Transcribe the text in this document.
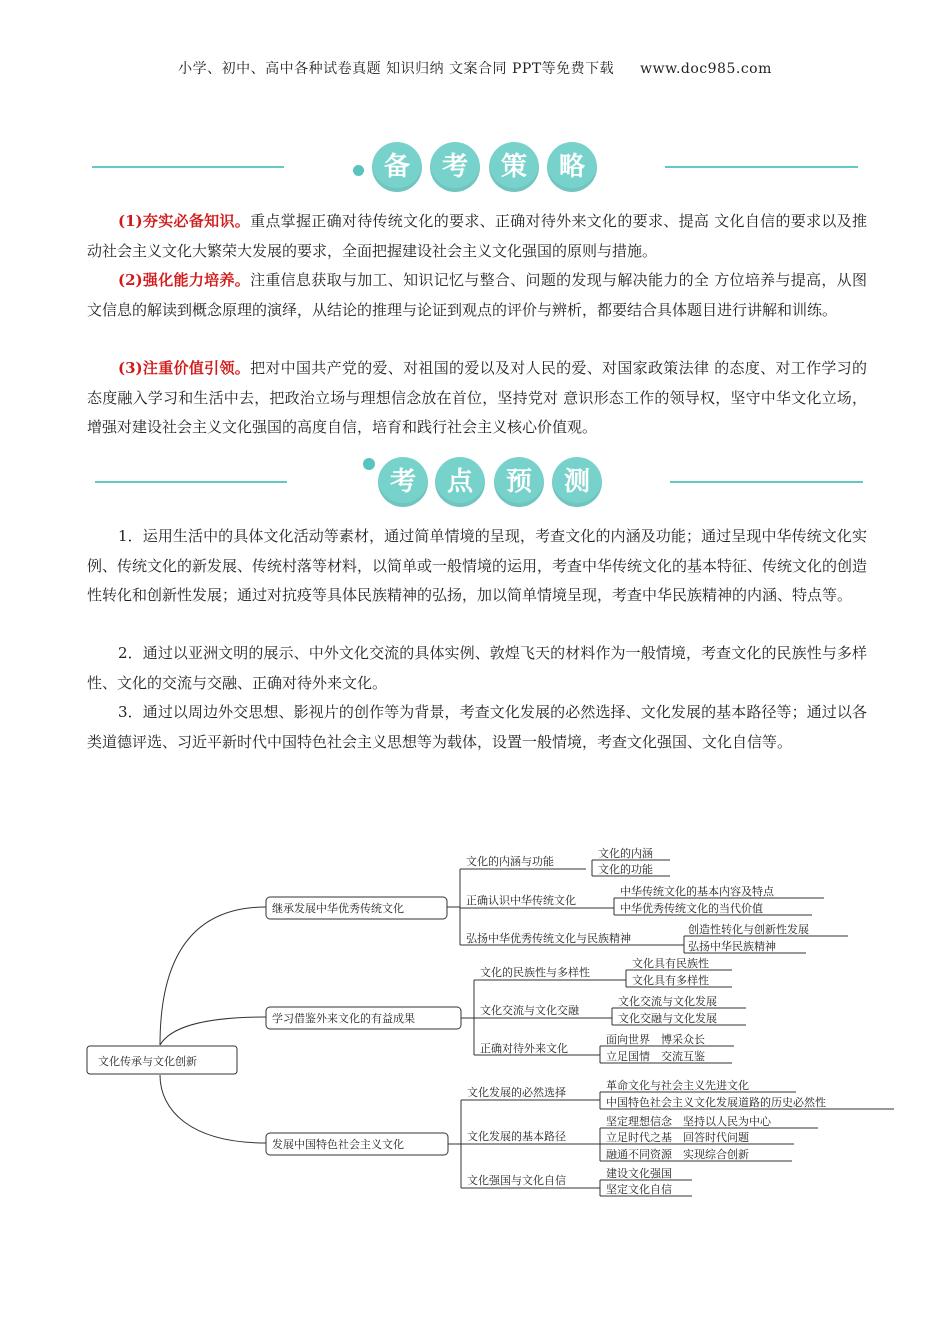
小学、初中、高中各种试卷真题 知识归纳 文案合同 PPT等免费下载 www.doc985.com
备	考	策	略

(1)夯实必备知识。重点掌握正确对待传统文化的要求、正确对待外来文化的要求、提高 文化自信的要求以及推动社会主义文化大繁荣大发展的要求，全面把握建设社会主义文化强国的原则与措施。

(2)强化能力培养。注重信息获取与加工、知识记忆与整合、问题的发现与解决能力的全 方位培养与提高，从图文信息的解读到概念原理的演绎，从结论的推理与论证到观点的评价与辨析，都要结合具体题目进行讲解和训练。

(3)注重价值引领。把对中国共产党的爱、对祖国的爱以及对人民的爱、对国家政策法律 的态度、对工作学习的态度融入学习和生活中去，把政治立场与理想信念放在首位，坚持党对 意识形态工作的领导权，坚守中华文化立场，增强对建设社会主义文化强国的高度自信，培育和践行社会主义核心价值观。

考	点	预	测

1．运用生活中的具体文化活动等素材，通过简单情境的呈现，考查文化的内涵及功能；通过呈现中华传统文化实例、传统文化的新发展、传统村落等材料，以简单或一般情境的运用，考查中华传统文化的基本特征、传统文化的创造性转化和创新性发展；通过对抗疫等具体民族精神的弘扬，加以简单情境呈现，考查中华民族精神的内涵、特点等。

2．通过以亚洲文明的展示、中外文化交流的具体实例、敦煌飞天的材料作为一般情境，考查文化的民族性与多样性、文化的交流与交融、正确对待外来文化。

3．通过以周边外交思想、影视片的创作等为背景，考查文化发展的必然选择、文化发展的基本路径等；通过以各类道德评选、习近平新时代中国特色社会主义思想等为载体，设置一般情境，考查文化强国、文化自信等。

文化传承与文化创新
继承发展中华优秀传统文化
文化的内涵与功能
正确认识中华传统文化
弘扬中华优秀传统文化与民族精神
文化的内涵
文化的功能
中华传统文化的基本内容及特点
中华优秀传统文化的当代价值
创造性转化与创新性发展
弘扬中华民族精神
学习借鉴外来文化的有益成果
文化的民族性与多样性
文化交流与文化交融
正确对待外来文化
文化具有民族性
文化具有多样性
文化交流与文化发展
文化交融与文化发展
面向世界　博采众长
立足国情　交流互鉴
发展中国特色社会主义文化
文化发展的必然选择
文化发展的基本路径
文化强国与文化自信
革命文化与社会主义先进文化
中国特色社会主义文化发展道路的历史必然性
坚定理想信念　坚持以人民为中心
立足时代之基　回答时代问题
融通不同资源　实现综合创新
建设文化强国
坚定文化自信
